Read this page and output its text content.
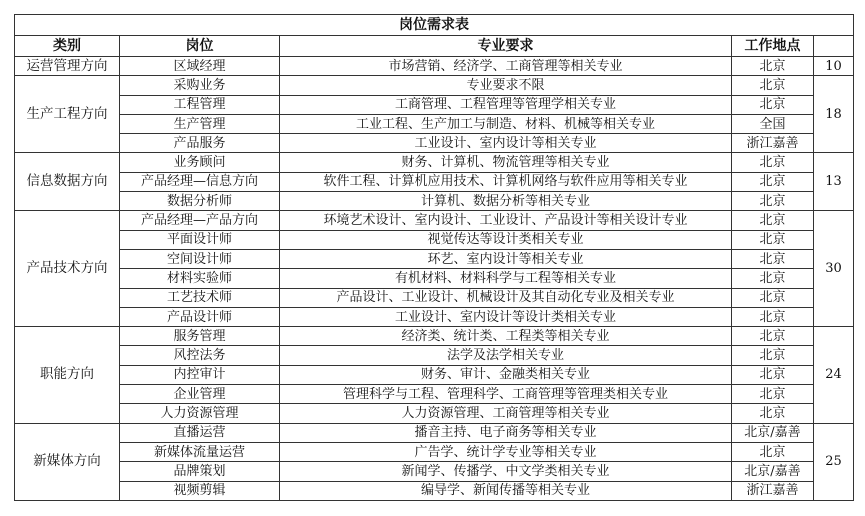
岗位需求表				
类别	岗位	专业要求	工作地点	
运营管理方向	区域经理	市场营销、经济学、工商管理等相关专业	北京	10
生产工程方向	采购业务	专业要求不限	北京	18
	工程管理	工商管理、工程管理等管理学相关专业	北京	
	生产管理	工业工程、生产加工与制造、材料、机械等相关专业	全国	
	产品服务	工业设计、室内设计等相关专业	浙江嘉善	
信息数据方向	业务顾问	财务、计算机、物流管理等相关专业	北京	13
	产品经理—信息方向	软件工程、计算机应用技术、计算机网络与软件应用等相关专业	北京	
	数据分析师	计算机、数据分析等相关专业	北京	
产品技术方向	产品经理—产品方向	环境艺术设计、室内设计、工业设计、产品设计等相关设计专业	北京	30
	平面设计师	视觉传达等设计类相关专业	北京	
	空间设计师	环艺、室内设计等相关专业	北京	
	材料实验师	有机材料、材料科学与工程等相关专业	北京	
	工艺技术师	产品设计、工业设计、机械设计及其自动化专业及相关专业	北京	
	产品设计师	工业设计、室内设计等设计类相关专业	北京	
职能方向	服务管理	经济类、统计类、工程类等相关专业	北京	24
	风控法务	法学及法学相关专业	北京	
	内控审计	财务、审计、金融类相关专业	北京	
	企业管理	管理科学与工程、管理科学、工商管理等管理类相关专业	北京	
	人力资源管理	人力资源管理、工商管理等相关专业	北京	
新媒体方向	直播运营	播音主持、电子商务等相关专业	北京/嘉善	25
	新媒体流量运营	广告学、统计学专业等相关专业	北京	
	品牌策划	新闻学、传播学、中文学类相关专业	北京/嘉善	
	视频剪辑	编导学、新闻传播等相关专业	浙江嘉善	
